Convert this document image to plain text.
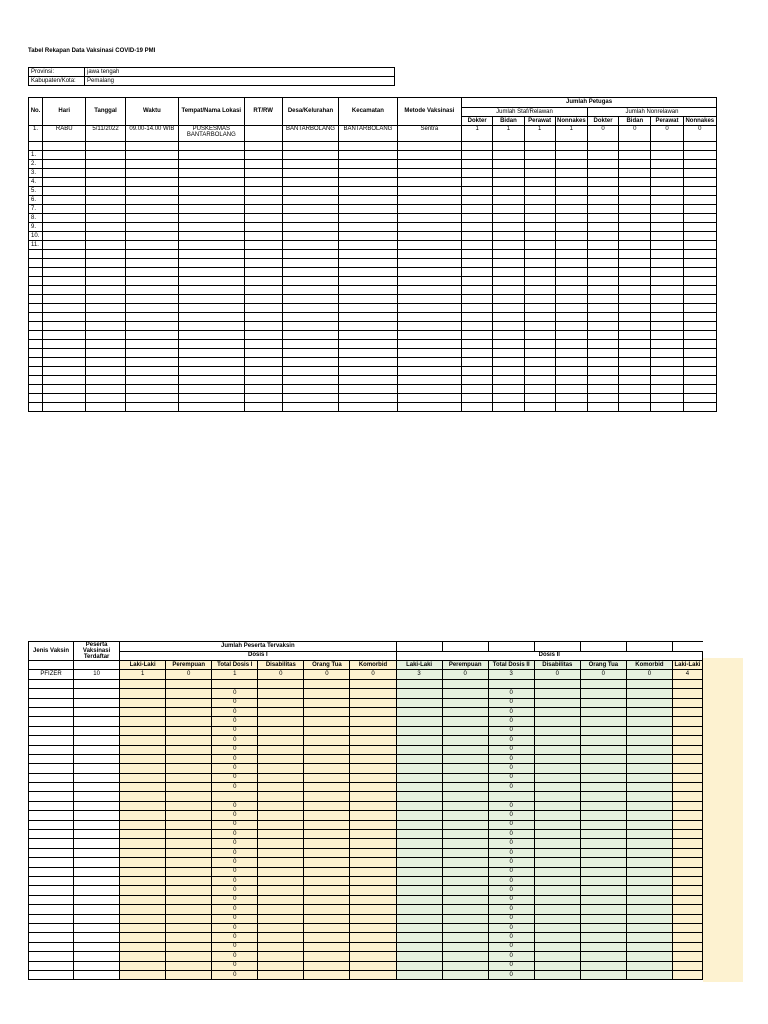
Tabel Rekapan Data Vaksinasi COVID-19 PMI
Provinsi:	jawa tengah
Kabupaten/Kota:	Pemalang
No.	Hari	Tanggal	Waktu	Tempat/Nama Lokasi	RT/RW	Desa/Kelurahan	Kecamatan	Metode Vaksinasi	Jumlah Petugas							

									Jumlah Staf/Relawan				Jumlah Nonrelawan			
									Dokter	Bidan	Perawat	Nonnakes	Dokter	Bidan	Perawat	Nonnakes
1.	RABU	5/11/2022	09.00-14.00 WIB	PUSKESMAS BANTARBOLANG		BANTARBOLANG	BANTARBOLANG	Sentra	1	1	1	1	0	0	0	0

1.																
2.																
3.																
4.																
5.																
6.																
7.																
8.																
9.																
10.																
11.																

Jenis Vaksin	Peserta Vaksinasi Terdaftar	Jumlah Peserta Tervaksin												

		Dosis I						Dosis II						
		Laki-Laki	Perempuan	Total Dosis I	Disabilitas	Orang Tua	Komorbid	Laki-Laki	Perempuan	Total Dosis II	Disabilitas	Orang Tua	Komorbid	Laki-Laki
PFIZER	10	1	0	1	0	0	0	3	0	3	0	0	0	4

				0						0				
				0						0				
				0						0				
				0						0				
				0						0				
				0						0				
				0						0				
				0						0				
				0						0				
				0						0				
				0						0				

				0						0				
				0						0				
				0						0				
				0						0				
				0						0				
				0						0				
				0						0				
				0						0				
				0						0				
				0						0				
				0						0				
				0						0				
				0						0				
				0						0				
				0						0				
				0						0				
				0						0				
				0						0				
				0						0				
